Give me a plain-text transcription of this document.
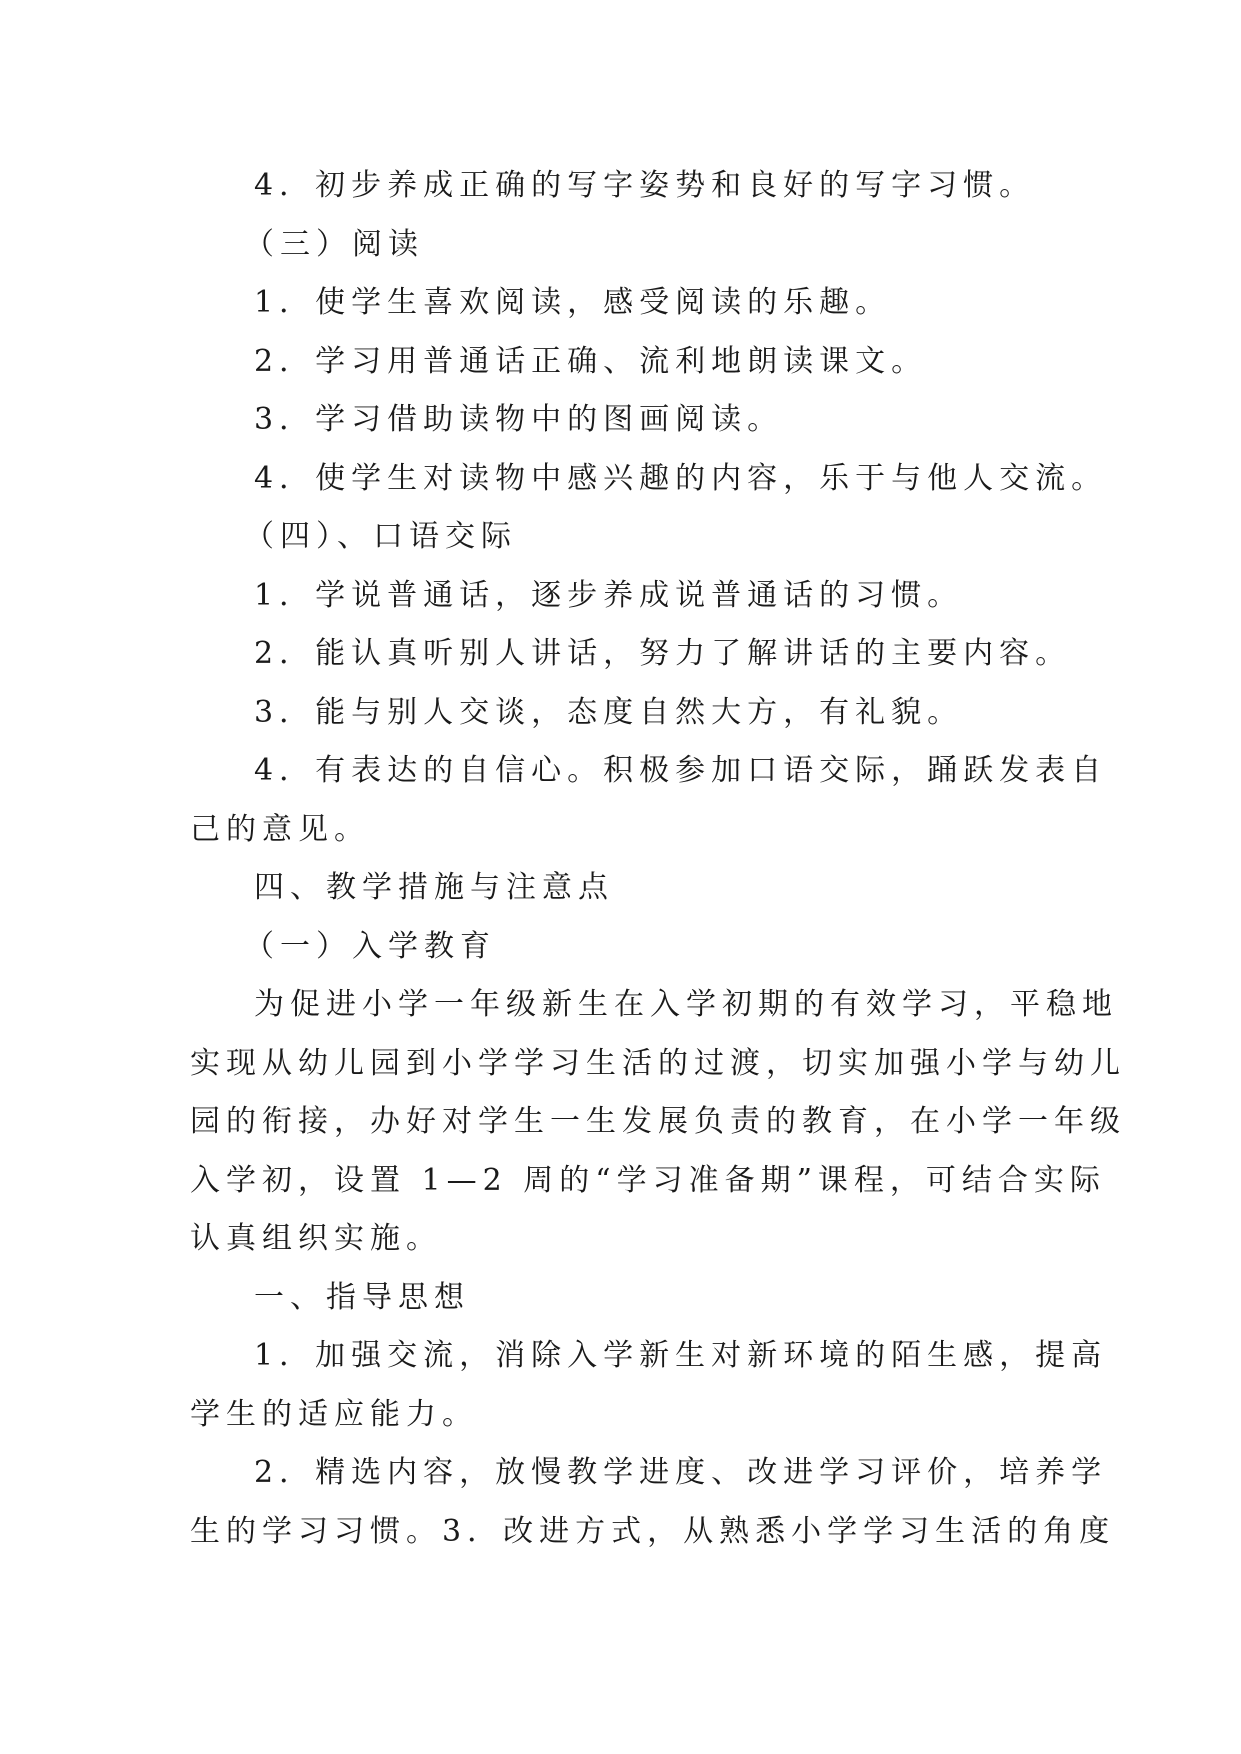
4．初步养成正确的写字姿势和良好的写字习惯。

（三）阅读

1．使学生喜欢阅读，感受阅读的乐趣。

2．学习用普通话正确、流利地朗读课文。

3．学习借助读物中的图画阅读。

4．使学生对读物中感兴趣的内容，乐于与他人交流。

（四）、口语交际

1．学说普通话，逐步养成说普通话的习惯。

2．能认真听别人讲话，努力了解讲话的主要内容。

3．能与别人交谈，态度自然大方，有礼貌。

4．有表达的自信心。积极参加口语交际，踊跃发表自

己的意见。

四、教学措施与注意点

（一）入学教育

为促进小学一年级新生在入学初期的有效学习，平稳地

实现从幼儿园到小学学习生活的过渡，切实加强小学与幼儿

园的衔接，办好对学生一生发展负责的教育，在小学一年级

入学初，设置 1—2 周的“学习准备期”课程，可结合实际

认真组织实施。

一、指导思想

1．加强交流，消除入学新生对新环境的陌生感，提高

学生的适应能力。

2．精选内容，放慢教学进度、改进学习评价，培养学

生的学习习惯。3．改进方式，从熟悉小学学习生活的角度
